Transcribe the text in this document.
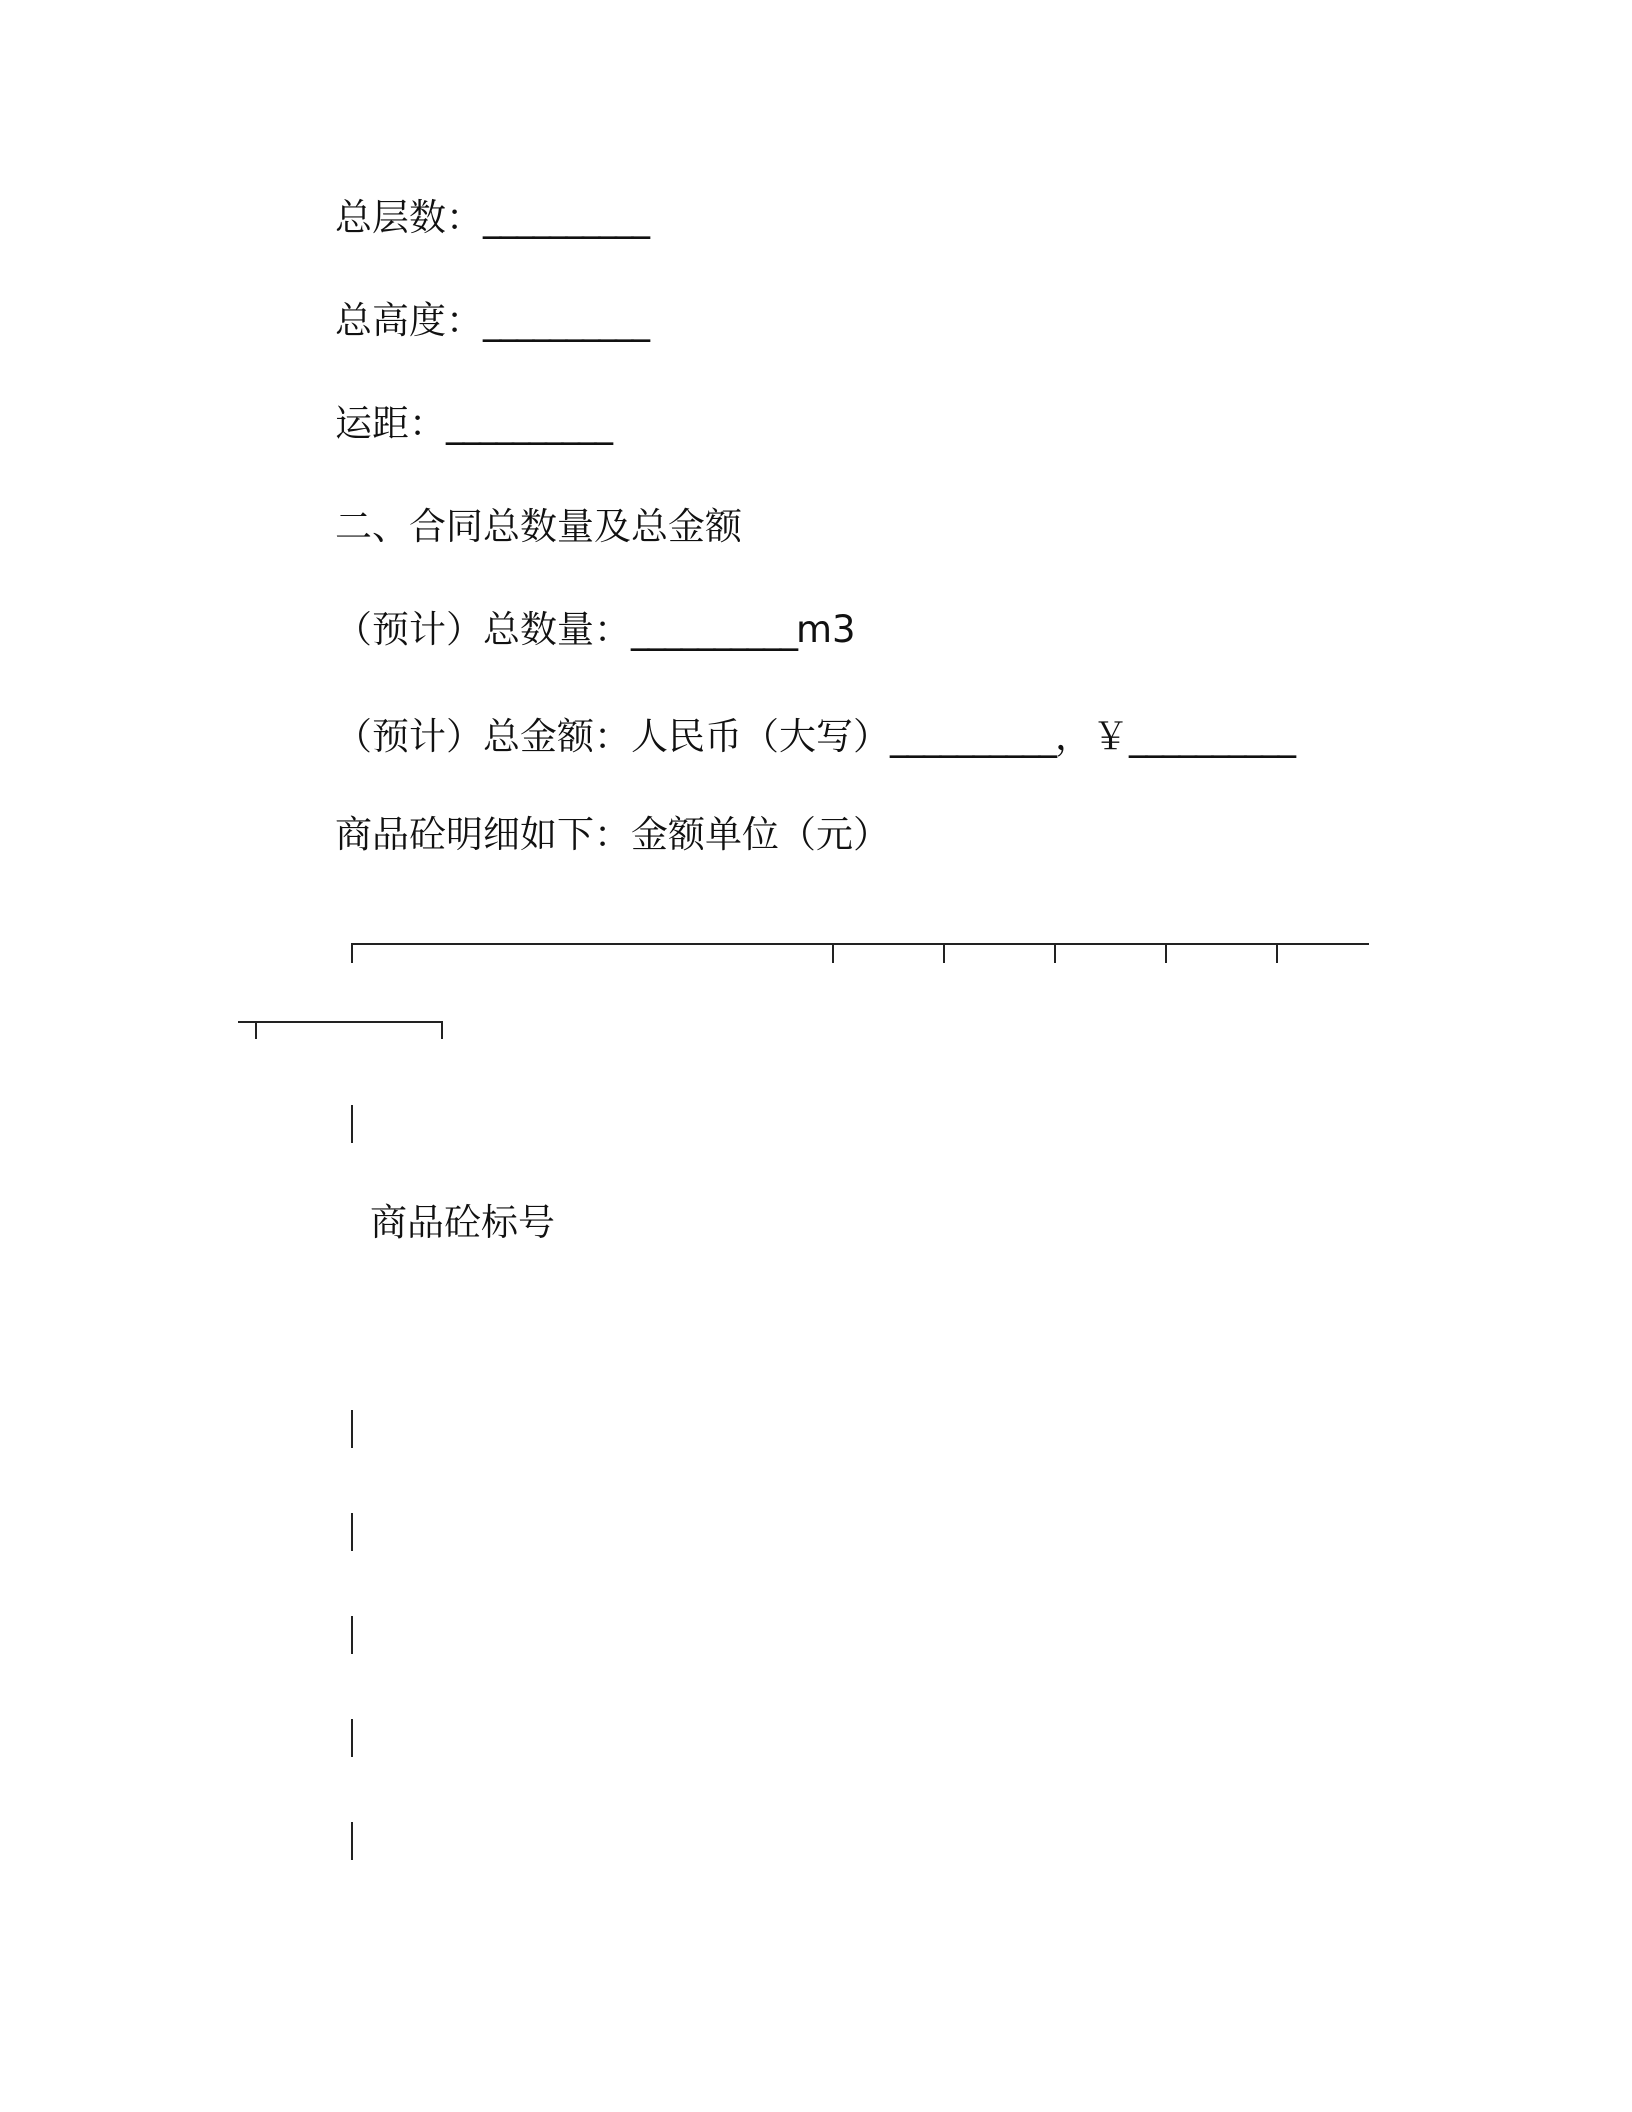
总层数：__________
总高度：__________
运距：__________
二、合同总数量及总金额
（预计）总数量：__________m3
（预计）总金额：人民币（大写）__________，￥__________
商品砼明细如下：金额单位（元）
商品砼标号
